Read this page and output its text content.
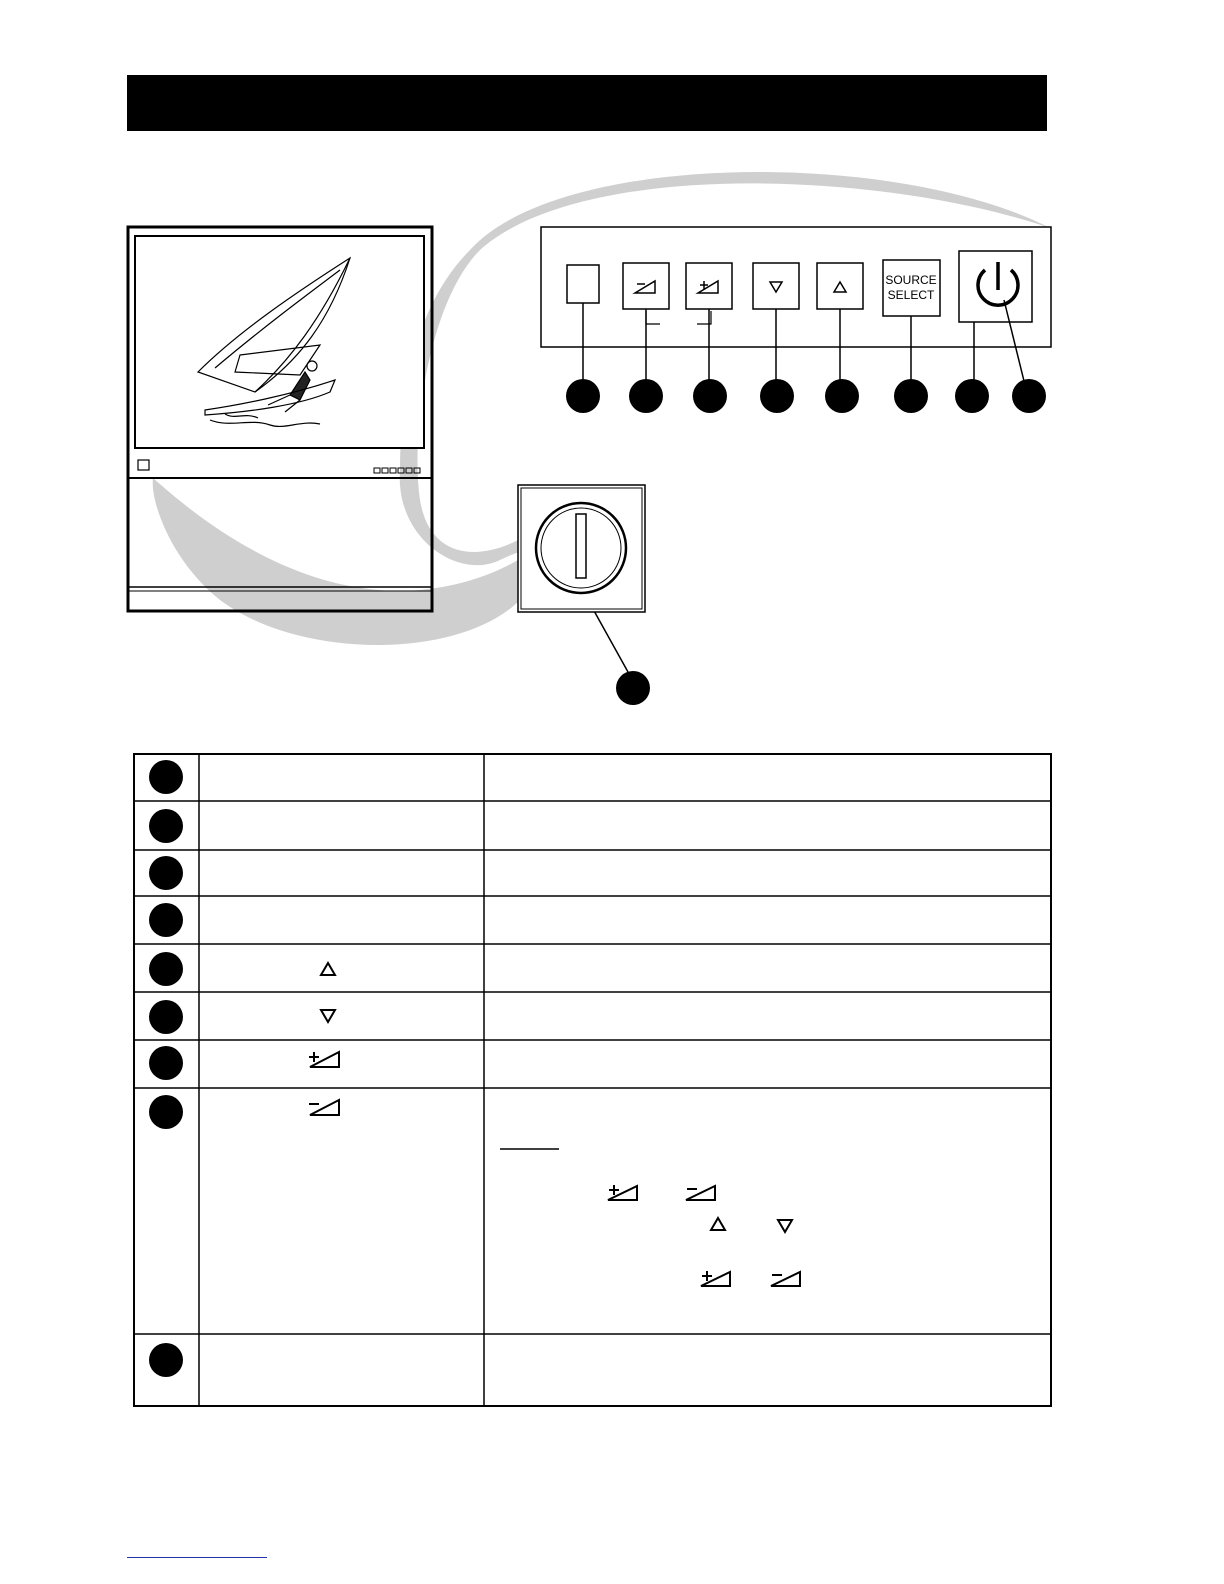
SOURCE
SELECT
